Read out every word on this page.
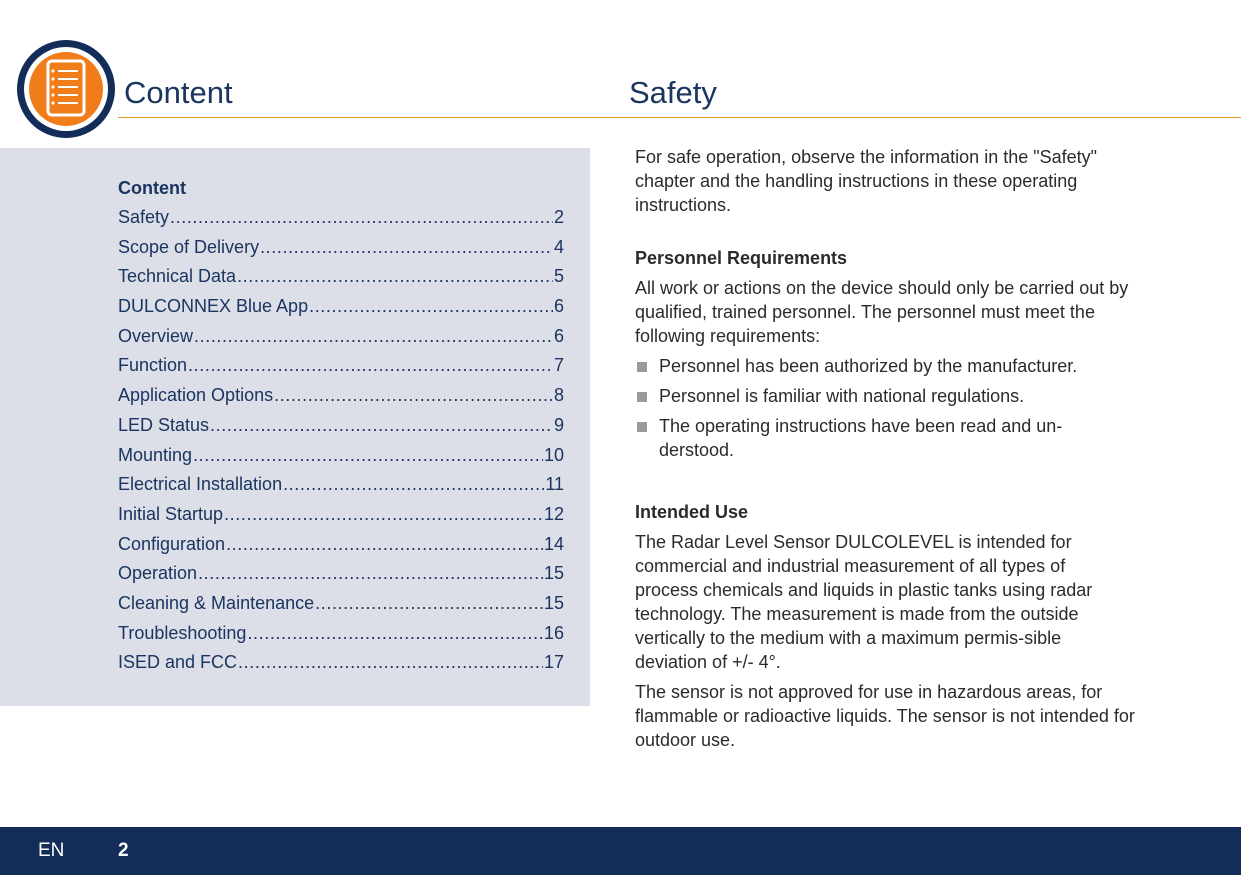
Content	Safety
Content
Safety .....	2
Scope of Delivery .....	4
Technical Data .....	5
DULCONNEX Blue App .....	6
Overview .....	6
Function .....	7
Application Options .....	8
LED Status .....	9
Mounting .....	10
Electrical Installation .....	11
Initial Startup .....	12
Configuration .....	14
Operation .....	15
Cleaning & Maintenance .....	15
Troubleshooting .....	16
ISED and FCC .....	17

For safe operation, observe the information in the "Safety" chapter and the handling instructions in these operating instructions.

Personnel Requirements

All work or actions on the device should only be carried out by qualified, trained personnel. The personnel must meet the following requirements:

Personnel has been authorized by the manufacturer.
Personnel is familiar with national regulations.
The operating instructions have been read and un-derstood.
Intended Use

The Radar Level Sensor DULCOLEVEL is intended for commercial and industrial measurement of all types of process chemicals and liquids in plastic tanks using radar technology. The measurement is made from the outside vertically to the medium with a maximum permis-sible deviation of +/- 4°.

The sensor is not approved for use in hazardous areas, for flammable or radioactive liquids. The sensor is not intended for outdoor use.

EN	2
